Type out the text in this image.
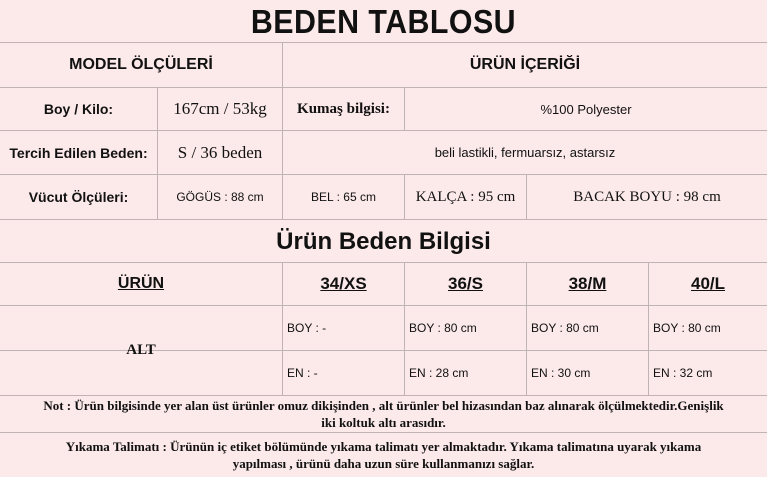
BEDEN TABLOSU
MODEL ÖLÇÜLERİ	ÜRÜN İÇERİĞİ
Boy / Kilo:	167cm / 53kg	Kumaş bilgisi:	%100 Polyester
Tercih Edilen Beden:	S / 36 beden	beli lastikli, fermuarsız, astarsız
Vücut Ölçüleri:	GÖGÜS : 88 cm	BEL : 65 cm	KALÇA : 95 cm	BACAK BOYU : 98 cm
Ürün Beden Bilgisi
ÜRÜN	34/XS	36/S	38/M	40/L
ALT
BOY : -	BOY : 80 cm	BOY : 80 cm	BOY : 80 cm
EN : -	EN : 28 cm	EN : 30 cm	EN : 32 cm
Not : Ürün bilgisinde yer alan üst ürünler omuz dikişinden , alt ürünler bel hizasından baz alınarak ölçülmektedir.Genişlik iki koltuk altı arasıdır.
Yıkama Talimatı : Ürünün iç etiket bölümünde yıkama talimatı yer almaktadır. Yıkama talimatına uyarak yıkama yapılması , ürünü daha uzun süre kullanmanızı sağlar.
